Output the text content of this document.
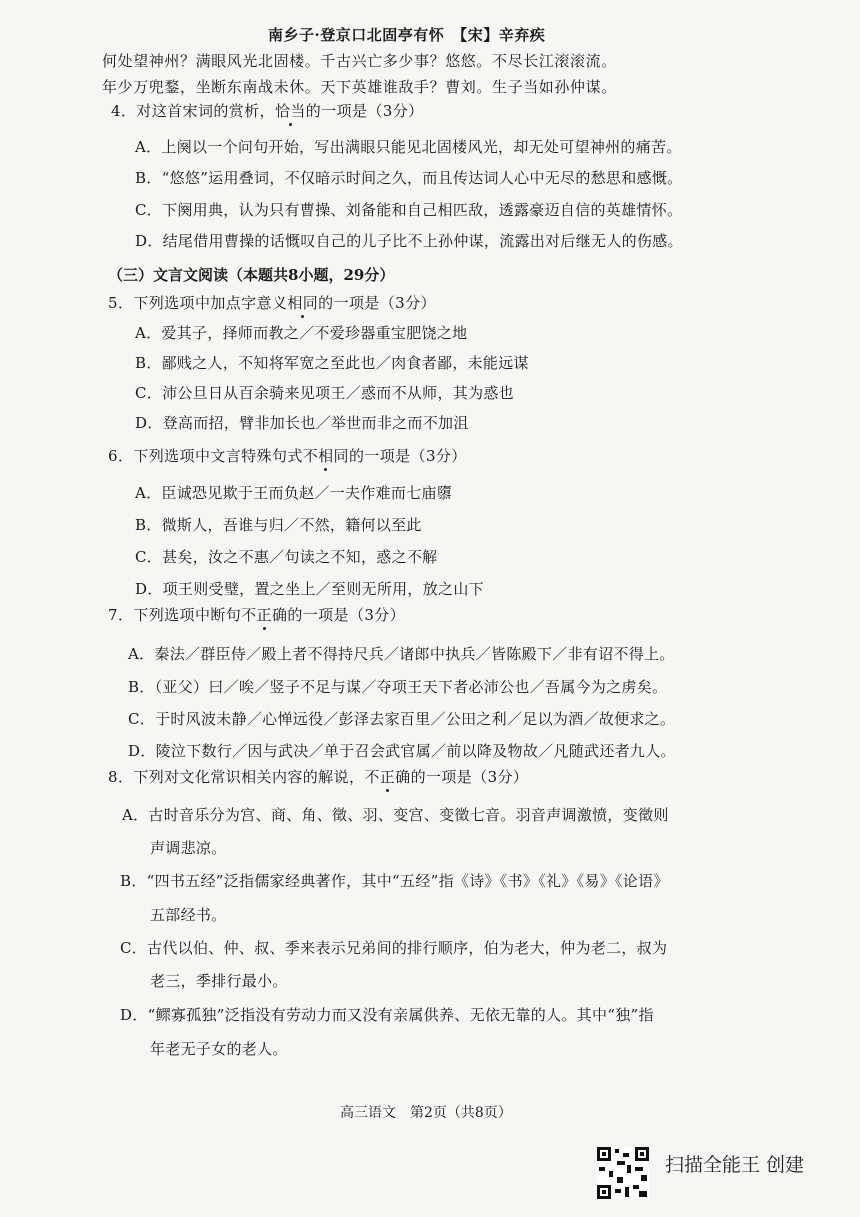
南乡子·登京口北固亭有怀　【宋】辛弃疾
何处望神州？满眼风光北固楼。千古兴亡多少事？悠悠。不尽长江滚滚流。
年少万兜鍪，坐断东南战未休。天下英雄谁敌手？曹刘。生子当如孙仲谋。
4．对这首宋词的赏析，恰当的一项是（3分）
A．上阕以一个问句开始，写出满眼只能见北固楼风光，却无处可望神州的痛苦。
B．“悠悠”运用叠词，不仅暗示时间之久，而且传达词人心中无尽的愁思和感慨。
C．下阕用典，认为只有曹操、刘备能和自己相匹敌，透露豪迈自信的英雄情怀。
D．结尾借用曹操的话慨叹自己的儿子比不上孙仲谋，流露出对后继无人的伤感。
（三）文言文阅读（本题共8小题，29分）
5．下列选项中加点字意义相同的一项是（3分）
A．爱其子，择师而教之／不爱珍器重宝肥饶之地
B．鄙贱之人，不知将军宽之至此也／肉食者鄙，未能远谋
C．沛公旦日从百余骑来见项王／惑而不从师，其为惑也
D．登高而招，臂非加长也／举世而非之而不加沮
6．下列选项中文言特殊句式不相同的一项是（3分）
A．臣诚恐见欺于王而负赵／一夫作难而七庙隳
B．微斯人，吾谁与归／不然，籍何以至此
C．甚矣，汝之不惠／句读之不知，惑之不解
D．项王则受璧，置之坐上／至则无所用，放之山下
7．下列选项中断句不正确的一项是（3分）
A．秦法／群臣侍／殿上者不得持尺兵／诸郎中执兵／皆陈殿下／非有诏不得上。
B．（亚父）曰／唉／竖子不足与谋／夺项王天下者必沛公也／吾属今为之虏矣。
C．于时风波未静／心惮远役／彭泽去家百里／公田之利／足以为酒／故便求之。
D．陵泣下数行／因与武决／单于召会武官属／前以降及物故／凡随武还者九人。
8．下列对文化常识相关内容的解说，不正确的一项是（3分）
A．古时音乐分为宫、商、角、徵、羽、变宫、变徵七音。羽音声调激愤，变徵则
声调悲凉。
B．“四书五经”泛指儒家经典著作，其中“五经”指《诗》《书》《礼》《易》《论语》
五部经书。
C．古代以伯、仲、叔、季来表示兄弟间的排行顺序，伯为老大，仲为老二，叔为
老三，季排行最小。
D．“鳏寡孤独”泛指没有劳动力而又没有亲属供养、无依无靠的人。其中“独”指
年老无子女的老人。
高三语文　第2页（共8页）
扫描全能王 创建
